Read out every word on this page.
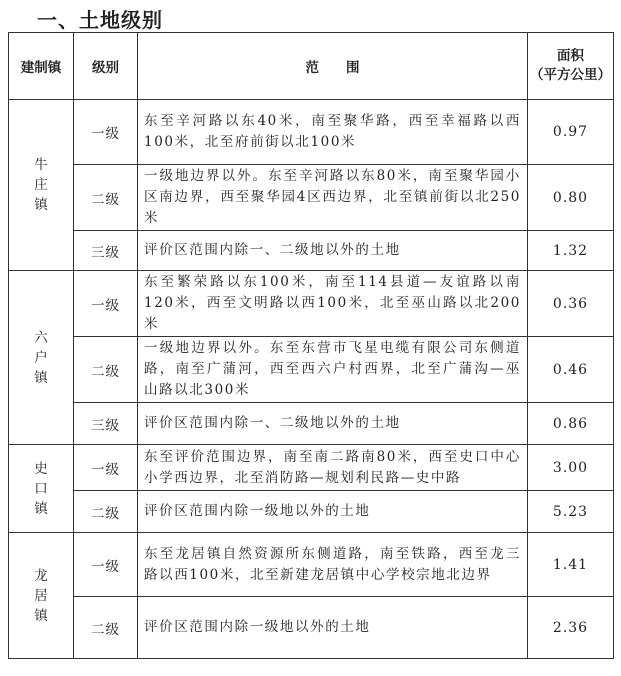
一、土地级别
建制镇	级别	范　　围	面积
（平方公里）

牛庄镇	一级	东至辛河路以东40米，南至聚华路，西至幸福路以西100米，北至府前街以北100米	0.97
	二级	一级地边界以外。东至辛河路以东80米，南至聚华园小区南边界，西至聚华园4区西边界，北至镇前街以北250米	0.80
	三级	评价区范围内除一、二级地以外的土地	1.32
六户镇	一级	东至繁荣路以东100米，南至114县道—友谊路以南120米，西至文明路以西100米，北至巫山路以北200米	0.36
	二级	一级地边界以外。东至东营市飞星电缆有限公司东侧道路，南至广蒲河，西至西六户村西界，北至广蒲沟—巫山路以北300米	0.46
	三级	评价区范围内除一、二级地以外的土地	0.86
史口镇	一级	东至评价范围边界，南至南二路南80米，西至史口中心小学西边界，北至消防路—规划利民路—史中路	3.00
	二级	评价区范围内除一级地以外的土地	5.23
龙居镇	一级	东至龙居镇自然资源所东侧道路，南至铁路，西至龙三路以西100米，北至新建龙居镇中心学校宗地北边界	1.41
	二级	评价区范围内除一级地以外的土地	2.36
